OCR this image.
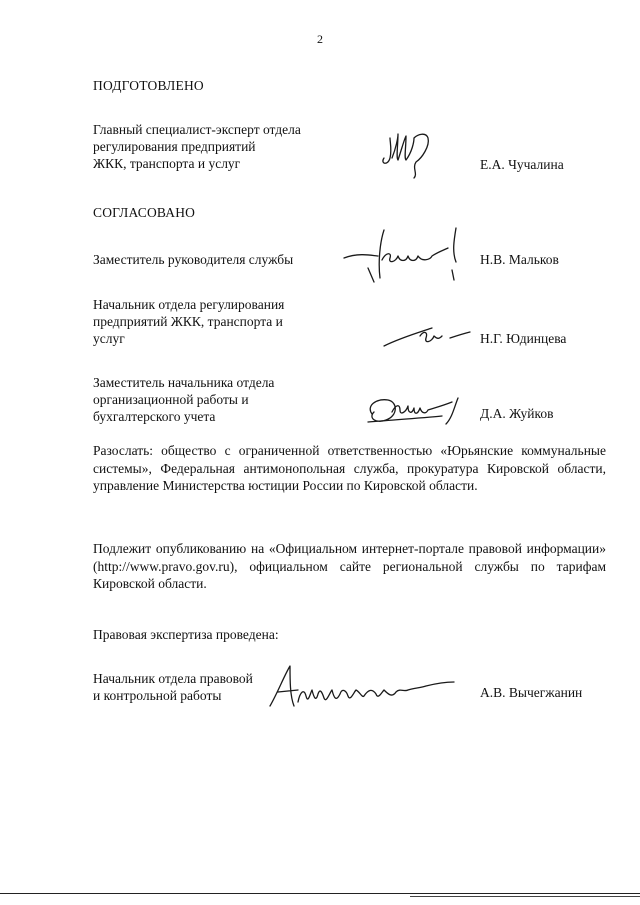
2
ПОДГОТОВЛЕНО
Главный специалист-эксперт отдела
регулирования предприятий
ЖКК, транспорта и услуг	Е.А. Чучалина
СОГЛАСОВАНО
Заместитель руководителя службы	Н.В. Мальков
Начальник отдела регулирования
предприятий ЖКК, транспорта и
услуг	Н.Г. Юдинцева
Заместитель начальника отдела
организационной работы и
бухгалтерского учета	Д.А. Жуйков
Разослать: общество с ограниченной ответственностью «Юрьянские коммунальные системы», Федеральная антимонопольная служба, прокуратура Кировской области, управление Министерства юстиции России по Кировской области.
Подлежит опубликованию на «Официальном интернет-портале правовой информации» (http://www.pravo.gov.ru), официальном сайте региональной службы по тарифам Кировской области.
Правовая экспертиза проведена:
Начальник отдела правовой
и контрольной работы	А.В. Вычегжанин
